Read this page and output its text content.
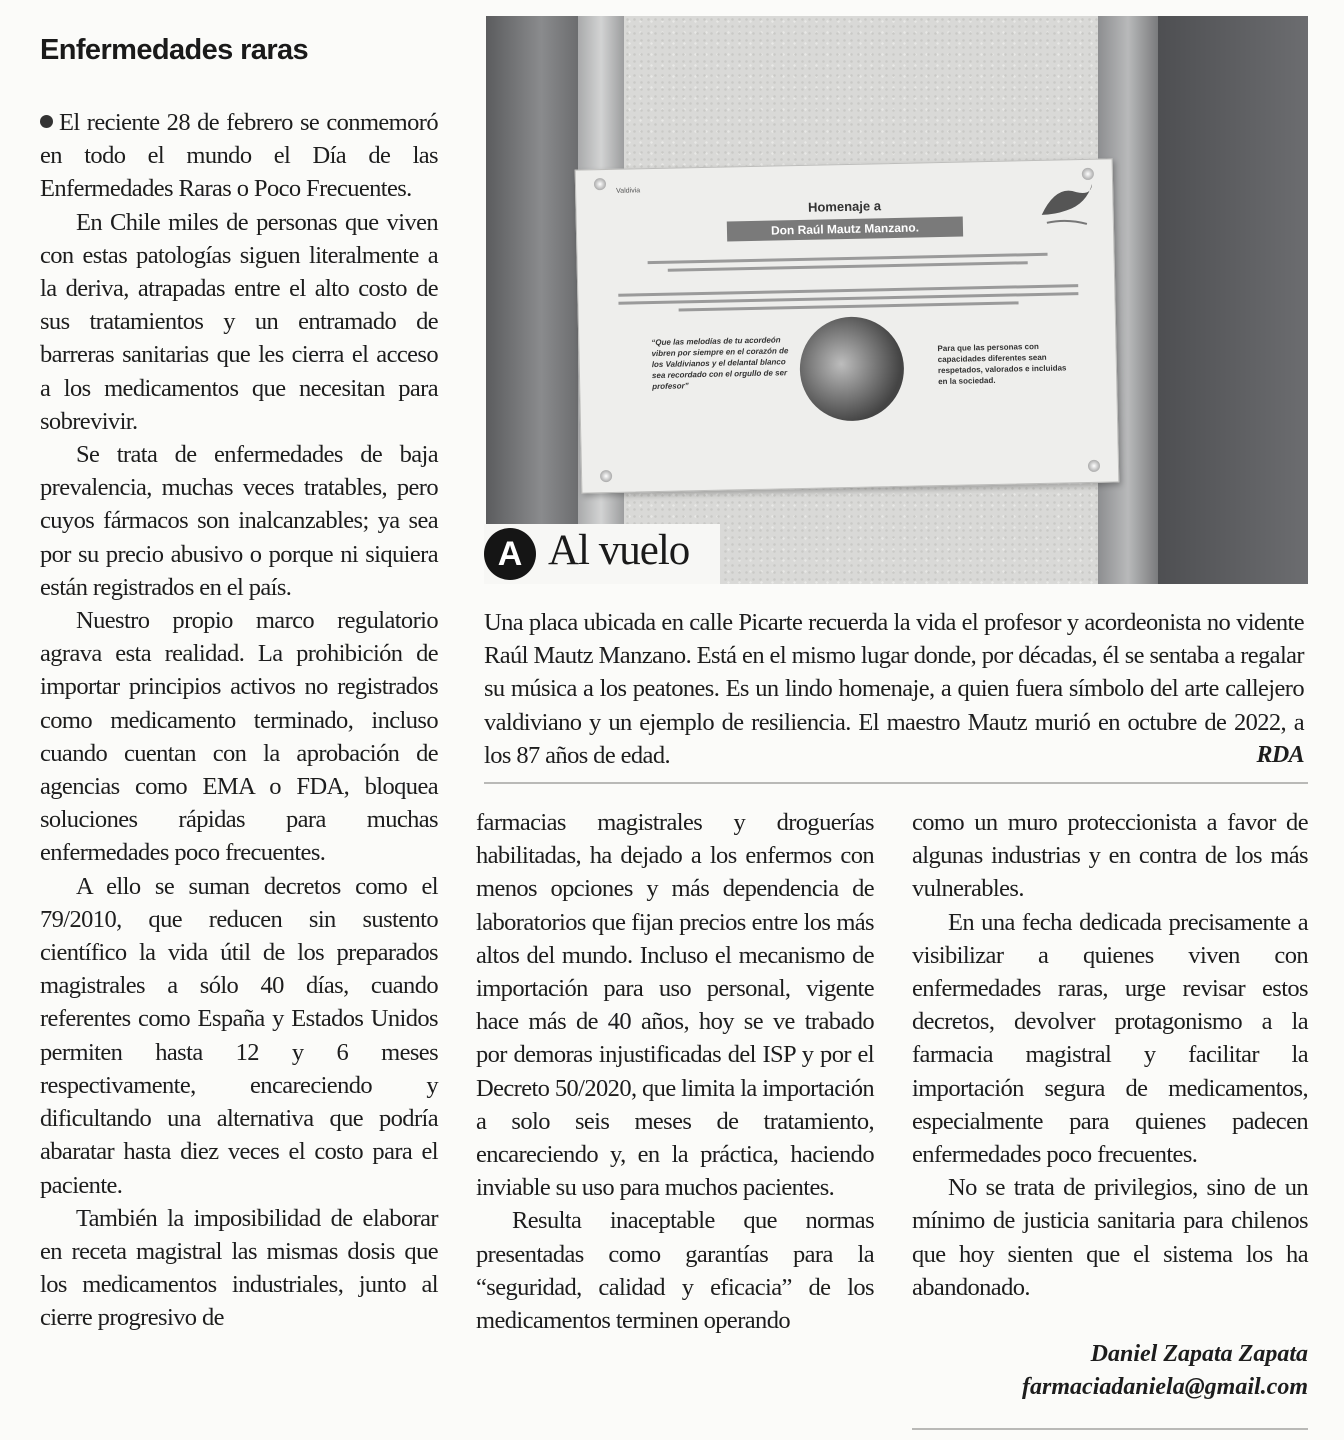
Enfermedades raras

El reciente 28 de febrero se conmemoró en todo el mundo el Día de las Enfermedades Raras o Poco Frecuentes.

En Chile miles de personas que viven con estas patologías siguen literalmente a la deriva, atrapadas entre el alto costo de sus tratamientos y un entramado de barreras sanitarias que les cierra el acceso a los medicamentos que necesitan para sobrevivir.

Se trata de enfermedades de baja prevalencia, muchas veces tratables, pero cuyos fármacos son inalcanzables; ya sea por su precio abusivo o porque ni siquiera están registrados en el país.

Nuestro propio marco regulatorio agrava esta realidad. La prohibición de importar principios activos no registrados como medicamento terminado, incluso cuando cuentan con la aprobación de agencias como EMA o FDA, bloquea soluciones rápidas para muchas enfermedades poco frecuentes.

A ello se suman decretos como el 79/2010, que reducen sin sustento científico la vida útil de los preparados magistrales a sólo 40 días, cuando referentes como España y Estados Unidos permiten hasta 12 y 6 meses respectivamente, encareciendo y dificultando una alternativa que podría abaratar hasta diez veces el costo para el paciente.

También la imposibilidad de elaborar en receta magistral las mismas dosis que los medicamentos industriales, junto al cierre progresivo de

Valdivia
Homenaje a
Don Raúl Mautz Manzano.
“Que las melodías de tu acordeón vibren por siempre en el corazón de los Valdivianos y el delantal blanco sea recordado con el orgullo de ser profesor”
Para que las personas con capacidades diferentes sean respetados, valorados e incluidas en la sociedad.
A Al vuelo
Una placa ubicada en calle Picarte recuerda la vida el profesor y acordeonista no vidente Raúl Mautz Manzano. Está en el mismo lugar donde, por décadas, él se sentaba a regalar su música a los peatones. Es un lindo homenaje, a quien fuera símbolo del arte callejero valdiviano y un ejemplo de resiliencia. El maestro Mautz murió en octubre de 2022, a los 87 años de edad.	RDA

farmacias magistrales y droguerías habilitadas, ha dejado a los enfermos con menos opciones y más dependencia de laboratorios que fijan precios entre los más altos del mundo. Incluso el mecanismo de importación para uso personal, vigente hace más de 40 años, hoy se ve trabado por demoras injustificadas del ISP y por el Decreto 50/2020, que limita la importación a solo seis meses de tratamiento, encareciendo y, en la práctica, haciendo inviable su uso para muchos pacientes.

Resulta inaceptable que normas presentadas como garantías para la “seguridad, calidad y eficacia” de los medicamentos terminen operando

como un muro proteccionista a favor de algunas industrias y en contra de los más vulnerables.

En una fecha dedicada precisamente a visibilizar a quienes viven con enfermedades raras, urge revisar estos decretos, devolver protagonismo a la farmacia magistral y facilitar la importación segura de medicamentos, especialmente para quienes padecen enfermedades poco frecuentes.

No se trata de privilegios, sino de un mínimo de justicia sanitaria para chilenos que hoy sienten que el sistema los ha abandonado.

Daniel Zapata Zapata
farmaciadaniela@gmail.com
